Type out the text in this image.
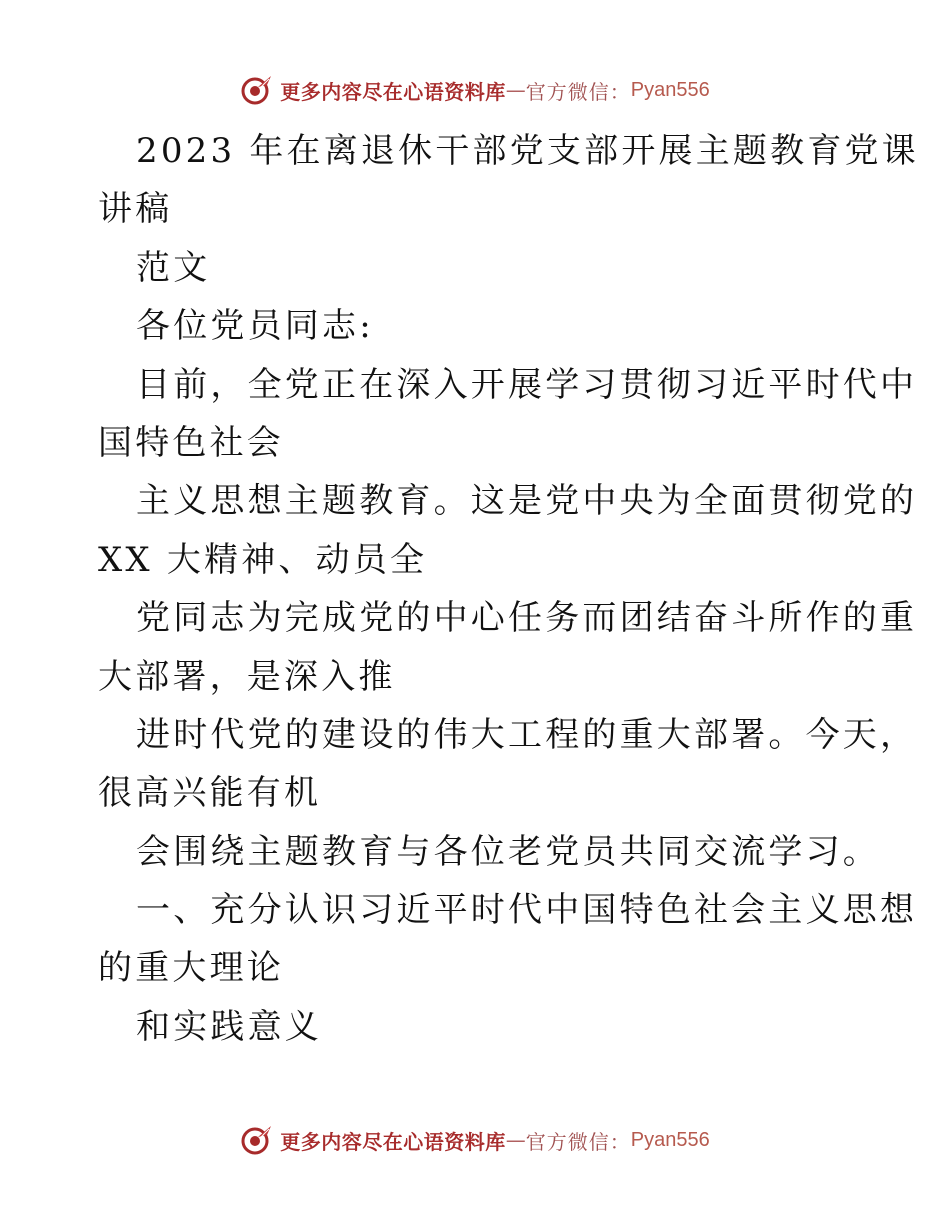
更多内容尽在心语资料库 — 官方微信： Pyan556
2023 年在离退休干部党支部开展主题教育党课
讲稿
范文
各位党员同志:
目前，全党正在深入开展学习贯彻习近平时代中
国特色社会
主义思想主题教育。这是党中央为全面贯彻党的
XX 大精神、动员全
党同志为完成党的中心任务而团结奋斗所作的重
大部署，是深入推
进时代党的建设的伟大工程的重大部署。今天，
很高兴能有机
会围绕主题教育与各位老党员共同交流学习。
一、充分认识习近平时代中国特色社会主义思想
的重大理论
和实践意义
更多内容尽在心语资料库 — 官方微信： Pyan556
